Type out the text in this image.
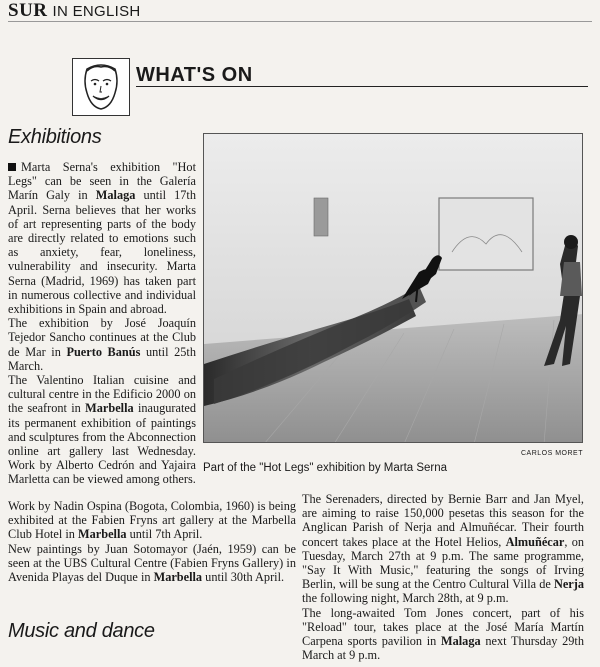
SUR IN ENGLISH
WHAT'S ON
Exhibitions

Marta Serna's exhibition "Hot Legs" can be seen in the Galería Marín Galy in Malaga until 17th April. Serna believes that her works of art representing parts of the body are directly related to emotions such as anxiety, fear, loneliness, vulnerability and insecurity. Marta Serna (Madrid, 1969) has taken part in numerous collective and individual exhibitions in Spain and abroad.

The exhibition by José Joaquín Tejedor Sancho continues at the Club de Mar in Puerto Banús until 25th March.

The Valentino Italian cuisine and cultural centre in the Edificio 2000 on the seafront in Marbella inaugurated its permanent exhibition of paintings and sculptures from the Abconnection online art gallery last Wednesday. Work by Alberto Cedrón and Yajaira Marletta can be viewed among others.

Work by Nadin Ospina (Bogota, Colombia, 1960) is being exhibited at the Fabien Fryns art gallery at the Marbella Club Hotel in Marbella until 7th April.

New paintings by Juan Sotomayor (Jaén, 1959) can be seen at the UBS Cultural Centre (Fabien Fryns Gallery) in Avenida Playas del Duque in Marbella until 30th April.

CARLOS MORET
Part of the "Hot Legs" exhibition by Marta Serna
Music and dance

The Serenaders, directed by Bernie Barr and Jan Myel, are aiming to raise 150,000 pesetas this season for the Anglican Parish of Nerja and Almuñécar. Their fourth concert takes place at the Hotel Helios, Almuñécar, on Tuesday, March 27th at 9 p.m. The same programme, "Say It With Music," featuring the songs of Irving Berlin, will be sung at the Centro Cultural Villa de Nerja the following night, March 28th, at 9 p.m.

The long-awaited Tom Jones concert, part of his "Reload" tour, takes place at the José María Martín Carpena sports pavilion in Malaga next Thursday 29th March at 9 p.m.
